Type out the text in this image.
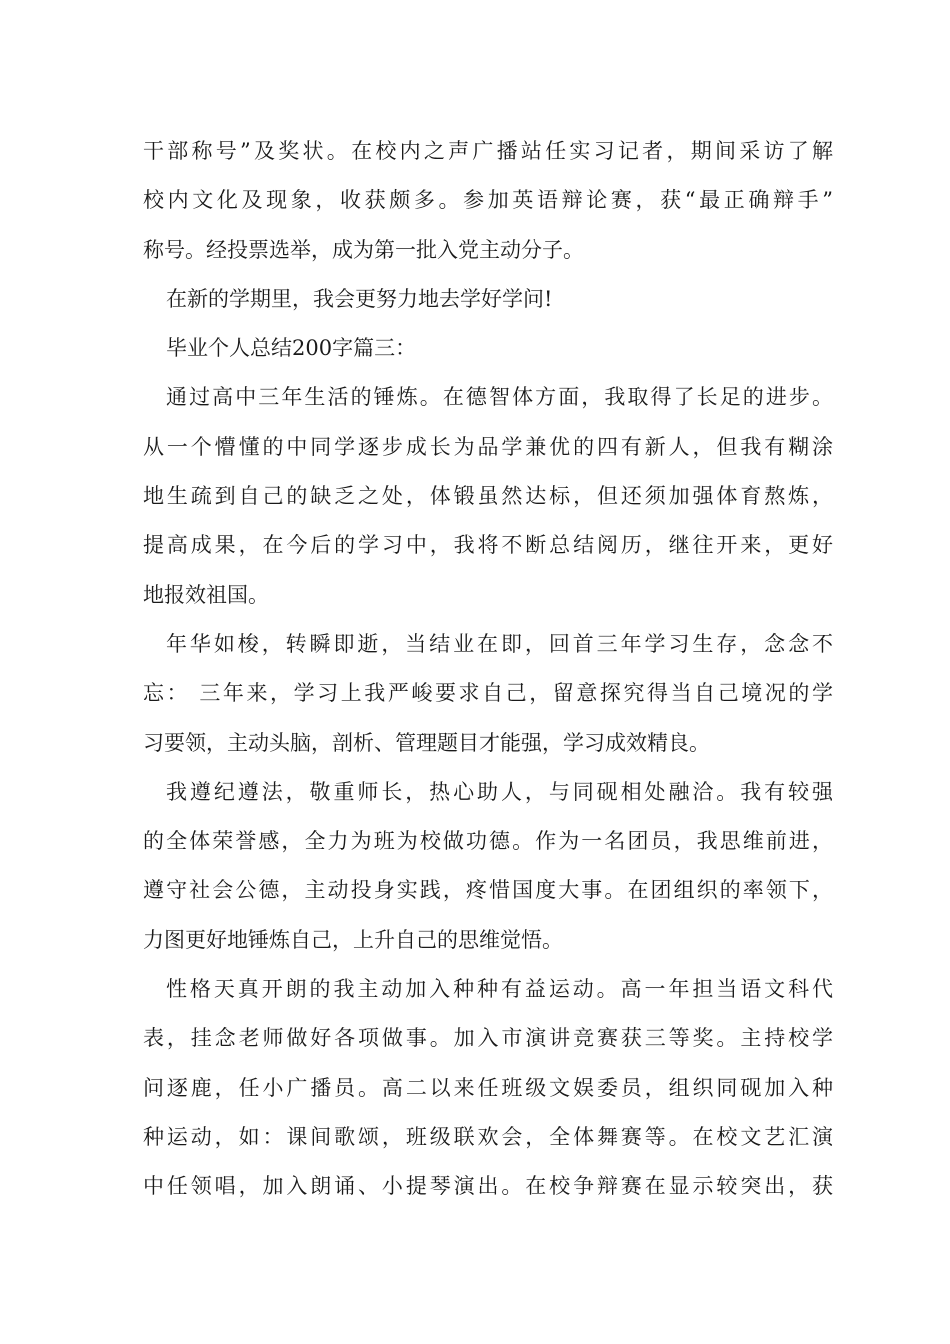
干部称号”及奖状。在校内之声广播站任实习记者，期间采访了解
校内文化及现象，收获颇多。参加英语辩论赛，获“最正确辩手”
称号。经投票选举，成为第一批入党主动分子。
在新的学期里，我会更努力地去学好学问!
毕业个人总结200字篇三：
通过高中三年生活的锤炼。在德智体方面，我取得了长足的进步。
从一个懵懂的中同学逐步成长为品学兼优的四有新人，但我有糊涂
地生疏到自己的缺乏之处，体锻虽然达标，但还须加强体育熬炼，
提高成果，在今后的学习中，我将不断总结阅历，继往开来，更好
地报效祖国。
年华如梭，转瞬即逝，当结业在即，回首三年学习生存，念念不
忘： 三年来，学习上我严峻要求自己，留意探究得当自己境况的学
习要领，主动头脑，剖析、管理题目才能强，学习成效精良。
我遵纪遵法，敬重师长，热心助人，与同砚相处融洽。我有较强
的全体荣誉感，全力为班为校做功德。作为一名团员，我思维前进，
遵守社会公德，主动投身实践，疼惜国度大事。在团组织的率领下，
力图更好地锤炼自己，上升自己的思维觉悟。
性格天真开朗的我主动加入种种有益运动。高一年担当语文科代
表，挂念老师做好各项做事。加入市演讲竞赛获三等奖。主持校学
问逐鹿，任小广播员。高二以来任班级文娱委员，组织同砚加入种
种运动，如：课间歌颂，班级联欢会，全体舞赛等。在校文艺汇演
中任领唱，加入朗诵、小提琴演出。在校争辩赛在显示较突出，获
